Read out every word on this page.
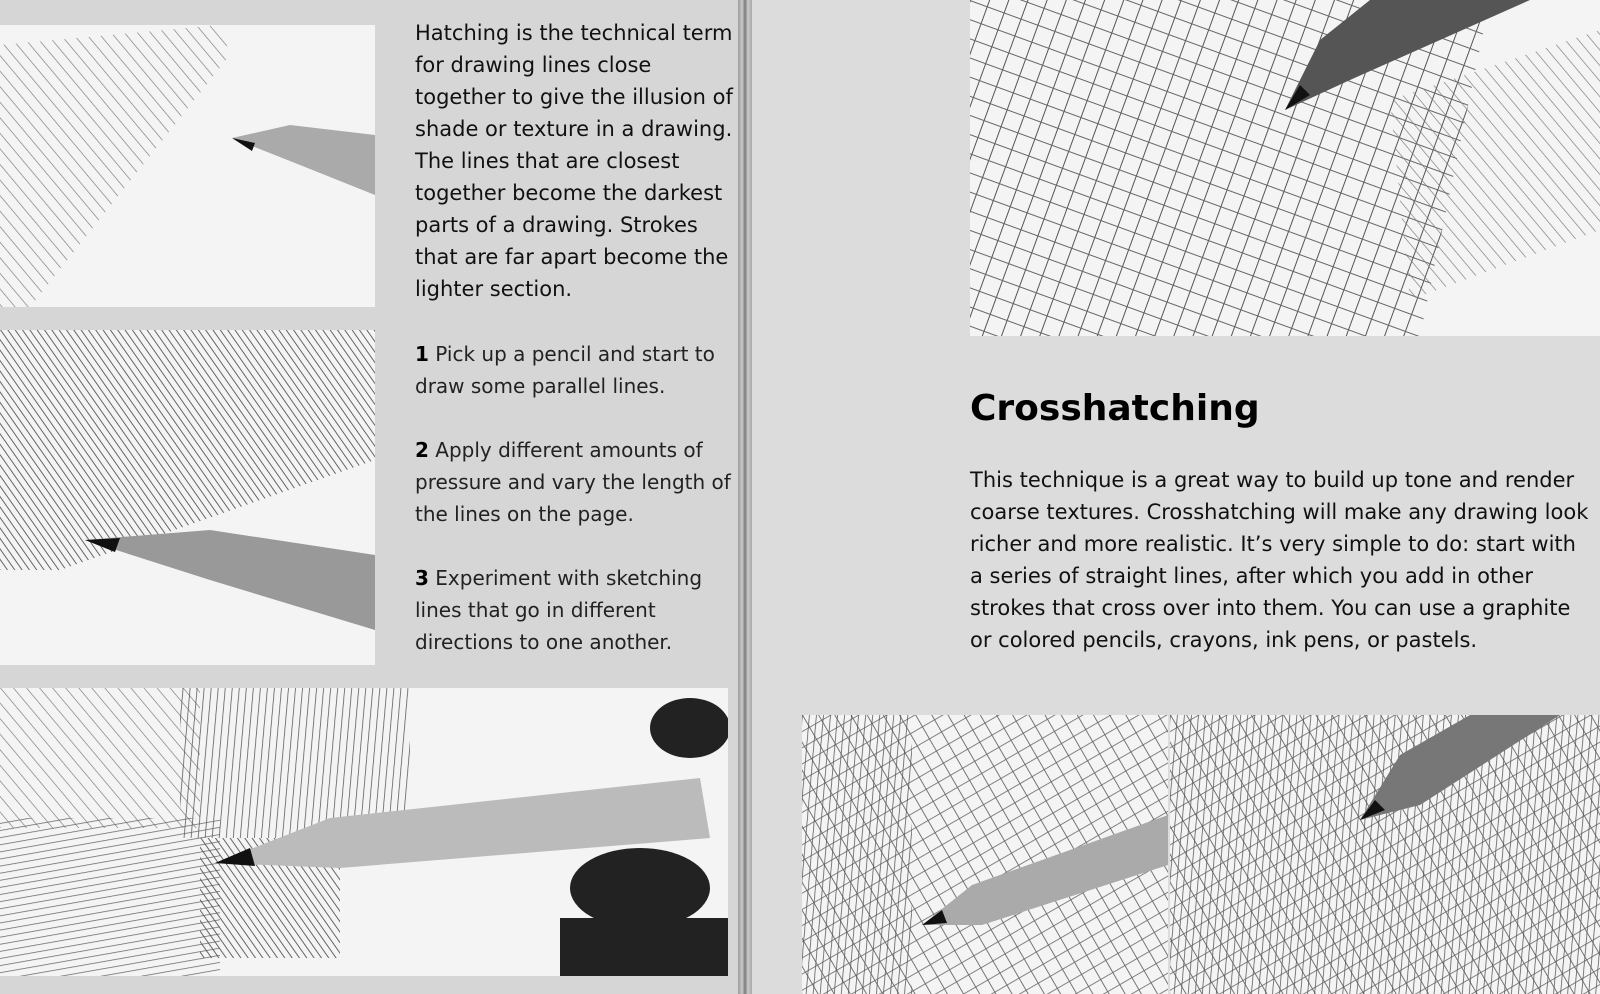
Hatching is the technical term for drawing lines close together to give the illusion of shade or texture in a drawing. The lines that are closest together become the darkest parts of a drawing. Strokes that are far apart become the lighter section.
1 Pick up a pencil and start to draw some parallel lines.
2 Apply different amounts of pressure and vary the length of the lines on the page.
3 Experiment with sketching lines that go in different directions to one another.
Crosshatching
This technique is a great way to build up tone and render coarse textures. Crosshatching will make any drawing look richer and more realistic. It’s very simple to do: start with a series of straight lines, after which you add in other strokes that cross over into them. You can use a graphite or colored pencils, crayons, ink pens, or pastels.
